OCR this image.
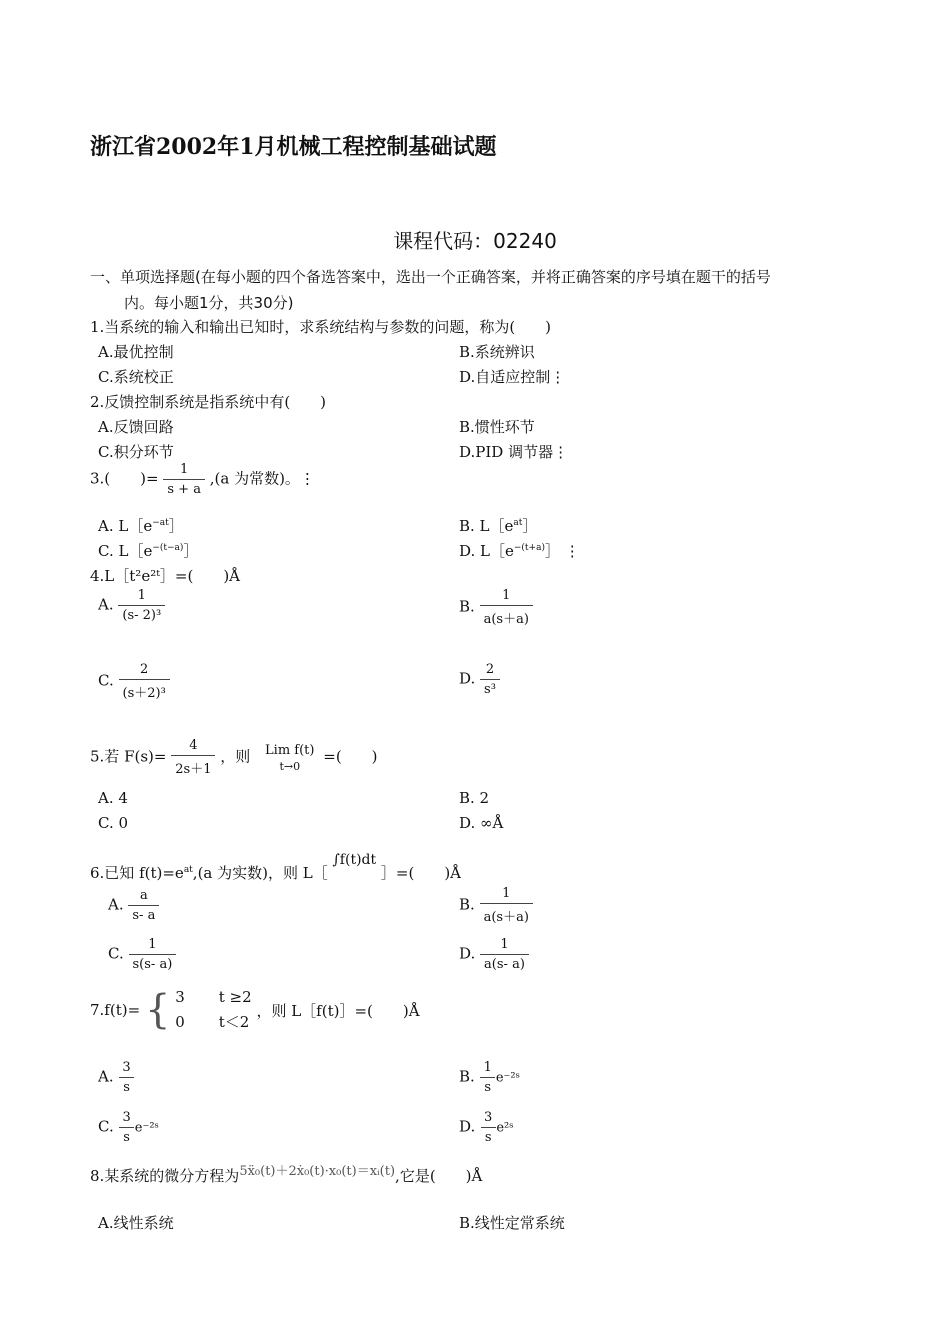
浙江省2002年1月机械工程控制基础试题
课程代码：02240
一、单项选择题(在每小题的四个备选答案中，选出一个正确答案，并将正确答案的序号填在题干的括号
内。每小题1分，共30分)
1.当系统的输入和输出已知时，求系统结构与参数的问题，称为(　　)
A.最优控制	B.系统辨识
C.系统校正	D.自适应控制⋮
2.反馈控制系统是指系统中有(　　)
A.反馈回路	B.惯性环节
C.积分环节	D.PID 调节器⋮
3.(　　)= $\frac{1}{s + a} ,(a$ 为常数)。⋮
A. $L[e^{-at}]$	B. $L[e^{at}]$
C. $L[e^{-(t-a)}]$	D. $L[e^{-(t+a)}]$ ⋮
4.L［t²e²ᵗ］=(　　)Å
A. $\frac{1}{\text{(s- 2)³}}$	B. $\frac{1}{a(s+a)}$
C. $\frac{2}{\text{(s＋2)³}}$	D. $\frac{2}{\text{s³}}$
5.若 $F(s)= \frac{4}{2s+1}$ ，则	Lim f(t)
t→0
=(　　)
A. 4	B. 2
C. 0	D. ∞Å
6.已知 $f(t)=e^{at},(a$ 为实数)，则 L［ ∫f(t)dt ］=(　　)Å
A. $\frac{a}{s- a}$	B. $\frac{1}{a(s+a)}$
C. $\frac{1}{s(s- a)}$	D. $\frac{1}{a(s- a)}$
7.f(t)= { 3 t ≥2
0 t＜2 ，则 L［f(t)］=(　　)Å
A. $\frac{3}{s}$	B. $\frac{1}{s}$ e⁻²ˢ
C. $\frac{3}{s}$ e⁻²ˢ	D. $\frac{3}{s}$ e²ˢ
8.某系统的微分方程为5ẍ₀(t)＋2ẋ₀(t)·x₀(t)＝xᵢ(t),它是(　　)Å
A.线性系统	B.线性定常系统
